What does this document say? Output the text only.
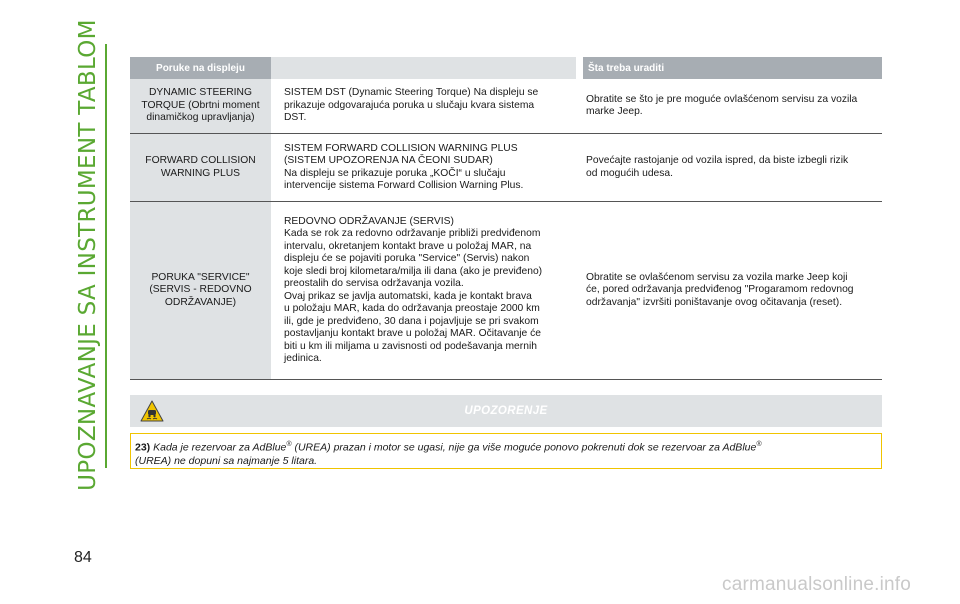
UPOZNAVANJE SA INSTRUMENT TABLOM
84
Poruke na displeju	Šta treba uraditi
DYNAMIC STEERING
TORQUE (Obrtni moment
dinamičkog upravljanja)
SISTEM DST (Dynamic Steering Torque) Na displeju se
prikazuje odgovarajuća poruka u slučaju kvara sistema
DST.
Obratite se što je pre moguće ovlašćenom servisu za vozila
marke Jeep.
FORWARD COLLISION
WARNING PLUS
SISTEM FORWARD COLLISION WARNING PLUS
(SISTEM UPOZORENJA NA ČEONI SUDAR)
Na displeju se prikazuje poruka „KOČI“ u slučaju
intervencije sistema Forward Collision Warning Plus.
Povećajte rastojanje od vozila ispred, da biste izbegli rizik
od mogućih udesa.
PORUKA "SERVICE"
(SERVIS - REDOVNO
ODRŽAVANJE)
REDOVNO ODRŽAVANJE (SERVIS)
Kada se rok za redovno održavanje približi predviđenom
intervalu, okretanjem kontakt brave u položaj MAR, na
displeju će se pojaviti poruka "Service" (Servis) nakon
koje sledi broj kilometara/milja ili dana (ako je previđeno)
preostalih do servisa održavanja vozila.
Ovaj prikaz se javlja automatski, kada je kontakt brava
u položaju MAR, kada do održavanja preostaje 2000 km
ili, gde je predviđeno, 30 dana i pojavljuje se pri svakom
postavljanju kontakt brave u položaj MAR. Očitavanje će
biti u km ili miljama u zavisnosti od podešavanja mernih
jedinica.
Obratite se ovlašćenom servisu za vozila marke Jeep koji
će, pored održavanja predviđenog "Progaramom redovnog
održavanja" izvršiti poništavanje ovog očitavanja (reset).
UPOZORENJE
23) Kada je rezervoar za AdBlue® (UREA) prazan i motor se ugasi, nije ga više moguće ponovo pokrenuti dok se rezervoar za AdBlue®
(UREA) ne dopuni sa najmanje 5 litara.
carmanualsonline.info
